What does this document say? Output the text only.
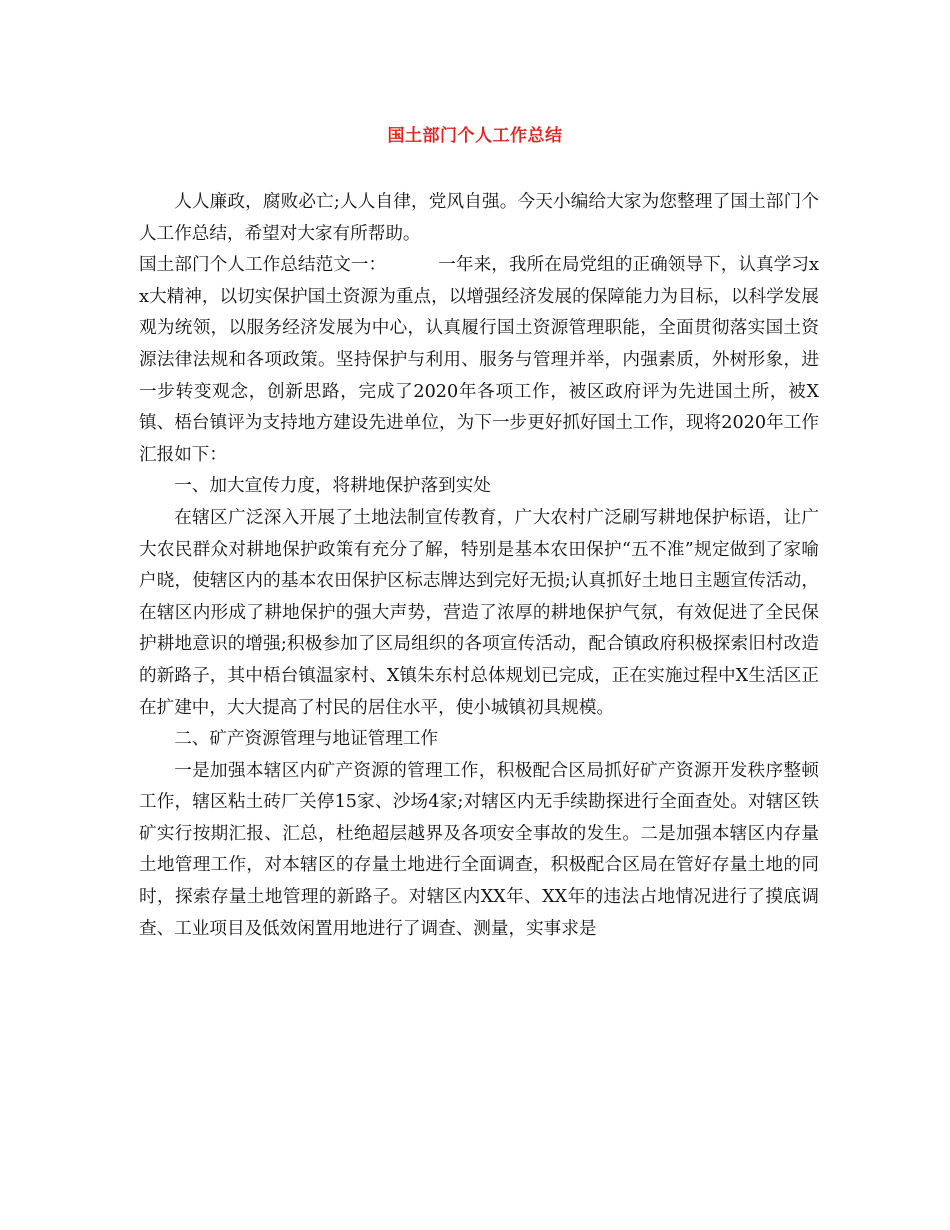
国土部门个人工作总结

人人廉政，腐败必亡;人人自律，党风自强。今天小编给大家为您整理了国土部门个人工作总结，希望对大家有所帮助。

国土部门个人工作总结范文一：	一年来，我所在局党组的正确领导下，认真学习xx大精神，以切实保护国土资源为重点，以增强经济发展的保障能力为目标，以科学发展观为统领，以服务经济发展为中心，认真履行国土资源管理职能，全面贯彻落实国土资源法律法规和各项政策。坚持保护与利用、服务与管理并举，内强素质，外树形象，进一步转变观念，创新思路，完成了2020年各项工作，被区政府评为先进国土所，被X镇、梧台镇评为支持地方建设先进单位，为下一步更好抓好国土工作，现将2020年工作汇报如下：

一、加大宣传力度，将耕地保护落到实处

在辖区广泛深入开展了土地法制宣传教育，广大农村广泛刷写耕地保护标语，让广大农民群众对耕地保护政策有充分了解，特别是基本农田保护“五不准”规定做到了家喻户晓，使辖区内的基本农田保护区标志牌达到完好无损;认真抓好土地日主题宣传活动，在辖区内形成了耕地保护的强大声势，营造了浓厚的耕地保护气氛，有效促进了全民保护耕地意识的增强;积极参加了区局组织的各项宣传活动，配合镇政府积极探索旧村改造的新路子，其中梧台镇温家村、X镇朱东村总体规划已完成，正在实施过程中X生活区正在扩建中，大大提高了村民的居住水平，使小城镇初具规模。

二、矿产资源管理与地证管理工作

一是加强本辖区内矿产资源的管理工作，积极配合区局抓好矿产资源开发秩序整顿工作，辖区粘土砖厂关停15家、沙场4家;对辖区内无手续勘探进行全面查处。对辖区铁矿实行按期汇报、汇总，杜绝超层越界及各项安全事故的发生。二是加强本辖区内存量土地管理工作，对本辖区的存量土地进行全面调查，积极配合区局在管好存量土地的同时，探索存量土地管理的新路子。对辖区内XX年、XX年的违法占地情况进行了摸底调查、工业项目及低效闲置用地进行了调查、测量，实事求是
